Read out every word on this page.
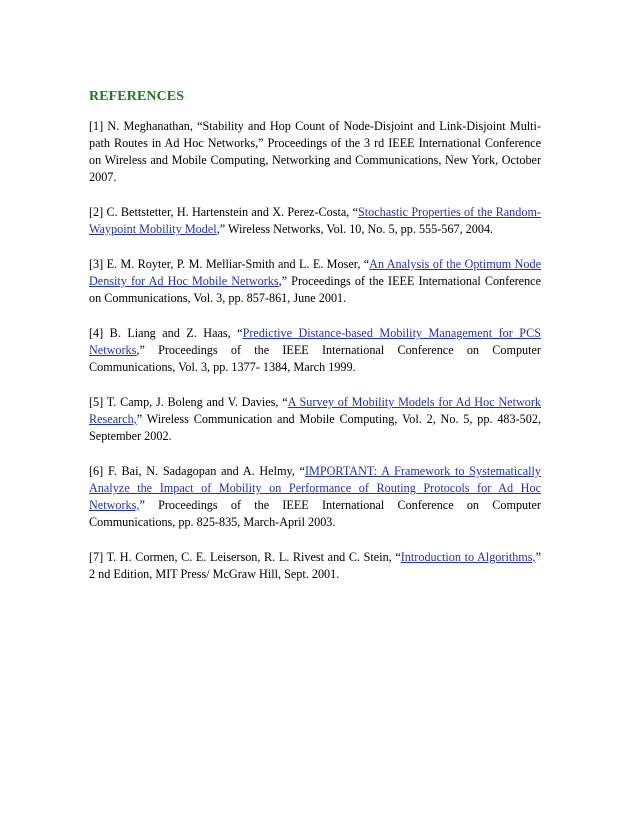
REFERENCES

[1] N. Meghanathan, “Stability and Hop Count of Node-Disjoint and Link-Disjoint Multi-path Routes in Ad Hoc Networks,” Proceedings of the 3 rd IEEE International Conference on Wireless and Mobile Computing, Networking and Communications, New York, October 2007.

[2] C. Bettstetter, H. Hartenstein and X. Perez-Costa, “Stochastic Properties of the Random-Waypoint Mobility Model,” Wireless Networks, Vol. 10, No. 5, pp. 555-567, 2004.

[3] E. M. Royter, P. M. Melliar-Smith and L. E. Moser, “An Analysis of the Optimum Node Density for Ad Hoc Mobile Networks,” Proceedings of the IEEE International Conference on Communications, Vol. 3, pp. 857-861, June 2001.

[4] B. Liang and Z. Haas, “Predictive Distance-based Mobility Management for PCS Networks,” Proceedings of the IEEE International Conference on Computer Communications, Vol. 3, pp. 1377- 1384, March 1999.

[5] T. Camp, J. Boleng and V. Davies, “A Survey of Mobility Models for Ad Hoc Network Research,” Wireless Communication and Mobile Computing, Vol. 2, No. 5, pp. 483-502, September 2002.

[6] F. Bai, N. Sadagopan and A. Helmy, “IMPORTANT: A Framework to Systematically Analyze the Impact of Mobility on Performance of Routing Protocols for Ad Hoc Networks,” Proceedings of the IEEE International Conference on Computer Communications, pp. 825-835, March-April 2003.

[7] T. H. Cormen, C. E. Leiserson, R. L. Rivest and C. Stein, “Introduction to Algorithms,” 2 nd Edition, MIT Press/ McGraw Hill, Sept. 2001.
